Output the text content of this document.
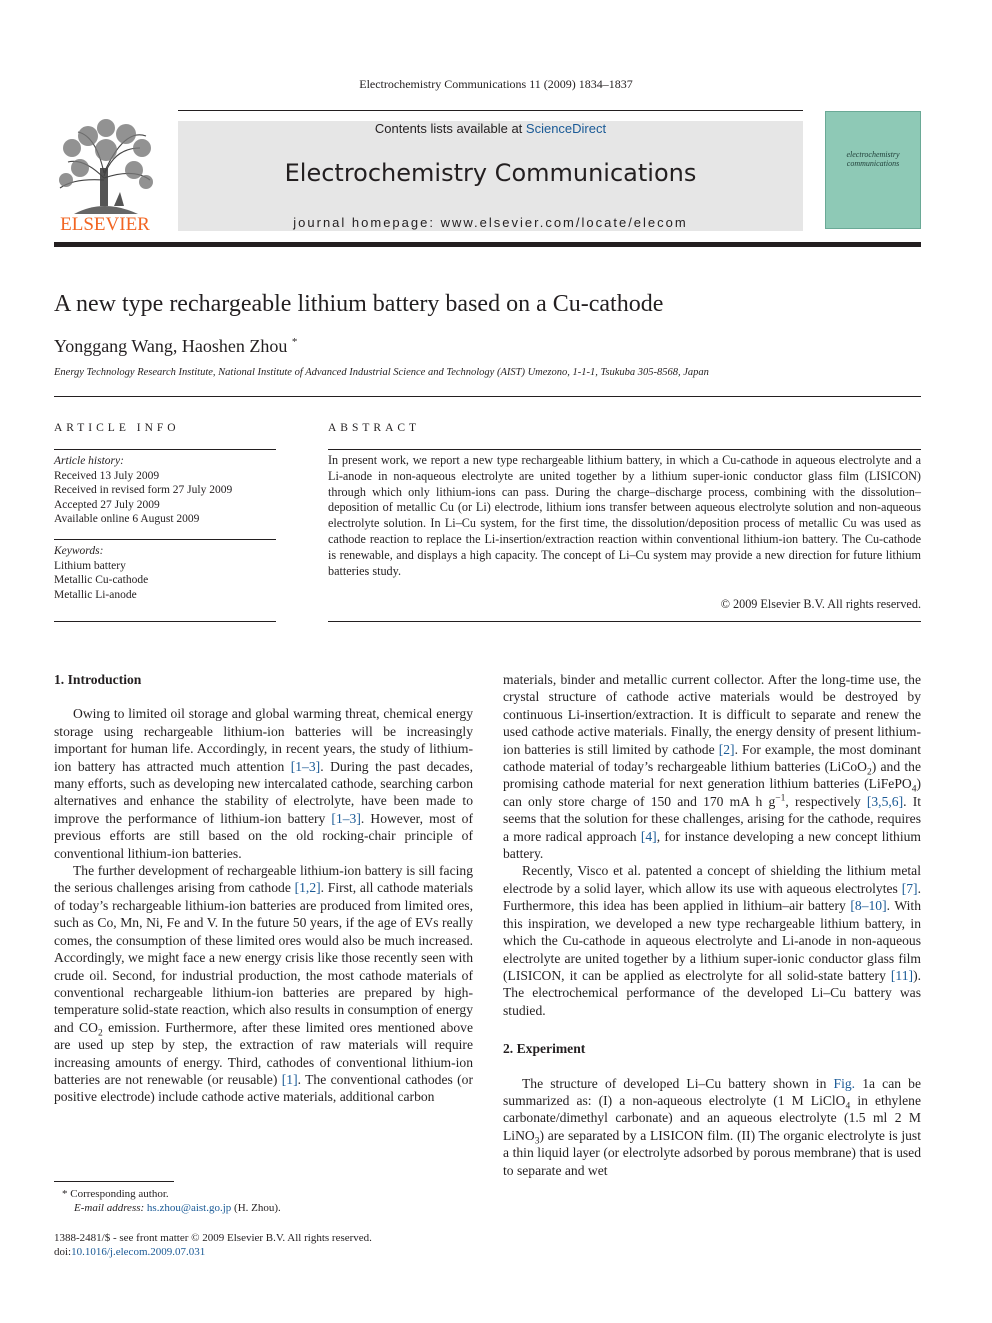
Electrochemistry Communications 11 (2009) 1834–1837
ELSEVIER
Contents lists available at ScienceDirect
Electrochemistry Communications
journal homepage: www.elsevier.com/locate/elecom
electrochemistry communications
A new type rechargeable lithium battery based on a Cu-cathode
Yonggang Wang, Haoshen Zhou *
Energy Technology Research Institute, National Institute of Advanced Industrial Science and Technology (AIST) Umezono, 1-1-1, Tsukuba 305-8568, Japan
ARTICLE INFO
Article history:
Received 13 July 2009
Received in revised form 27 July 2009
Accepted 27 July 2009
Available online 6 August 2009
Keywords:
Lithium battery
Metallic Cu-cathode
Metallic Li-anode
ABSTRACT
In present work, we report a new type rechargeable lithium battery, in which a Cu-cathode in aqueous electrolyte and a Li-anode in non-aqueous electrolyte are united together by a lithium super-ionic conductor glass film (LISICON) through which only lithium-ions can pass. During the charge–discharge process, combining with the dissolution–deposition of metallic Cu (or Li) electrode, lithium ions transfer between aqueous electrolyte solution and non-aqueous electrolyte solution. In Li–Cu system, for the first time, the dissolution/deposition process of metallic Cu was used as cathode reaction to replace the Li-insertion/extraction reaction within conventional lithium-ion battery. The Cu-cathode is renewable, and displays a high capacity. The concept of Li–Cu system may provide a new direction for future lithium batteries study.
© 2009 Elsevier B.V. All rights reserved.
1. Introduction

Owing to limited oil storage and global warming threat, chemical energy storage using rechargeable lithium-ion batteries will be increasingly important for human life. Accordingly, in recent years, the study of lithium-ion battery has attracted much attention [1–3]. During the past decades, many efforts, such as developing new intercalated cathode, searching carbon alternatives and enhance the stability of electrolyte, have been made to improve the performance of lithium-ion battery [1–3]. However, most of previous efforts are still based on the old rocking-chair principle of conventional lithium-ion batteries.

The further development of rechargeable lithium-ion battery is sill facing the serious challenges arising from cathode [1,2]. First, all cathode materials of today’s rechargeable lithium-ion batteries are produced from limited ores, such as Co, Mn, Ni, Fe and V. In the future 50 years, if the age of EVs really comes, the consumption of these limited ores would also be much increased. Accordingly, we might face a new energy crisis like those recently seen with crude oil. Second, for industrial production, the most cathode materials of conventional rechargeable lithium-ion batteries are prepared by high-temperature solid-state reaction, which also results in consumption of energy and $CO_2$ emission. Furthermore, after these limited ores mentioned above are used up step by step, the extraction of raw materials will require increasing amounts of energy. Third, cathodes of conventional lithium-ion batteries are not renewable (or reusable) [1]. The conventional cathodes (or positive electrode) include cathode active materials, additional carbon

materials, binder and metallic current collector. After the long-time use, the crystal structure of cathode active materials would be destroyed by continuous Li-insertion/extraction. It is difficult to separate and renew the used cathode active materials. Finally, the energy density of present lithium-ion batteries is still limited by cathode [2]. For example, the most dominant cathode material of today’s rechargeable lithium batteries (LiCoO$_2$) and the promising cathode material for next generation lithium batteries (LiFePO$_4$) can only store charge of 150 and 170 mA h $g^{-1}$, respectively [3,5,6]. It seems that the solution for these challenges, arising for the cathode, requires a more radical approach [4], for instance developing a new concept lithium battery.

Recently, Visco et al. patented a concept of shielding the lithium metal electrode by a solid layer, which allow its use with aqueous electrolytes [7]. Furthermore, this idea has been applied in lithium–air battery [8–10]. With this inspiration, we developed a new type rechargeable lithium battery, in which the Cu-cathode in aqueous electrolyte and Li-anode in non-aqueous electrolyte are united together by a lithium super-ionic conductor glass film (LISICON, it can be applied as electrolyte for all solid-state battery [11]). The electrochemical performance of the developed Li–Cu battery was studied.

2. Experiment

The structure of developed Li–Cu battery shown in Fig. 1a can be summarized as: (I) a non-aqueous electrolyte (1 M LiClO$_4$ in ethylene carbonate/dimethyl carbonate) and an aqueous electrolyte (1.5 ml 2 M LiNO$_3$) are separated by a LISICON film. (II) The organic electrolyte is just a thin liquid layer (or electrolyte adsorbed by porous membrane) that is used to separate and wet

* Corresponding author.
E-mail address: hs.zhou@aist.go.jp (H. Zhou).
1388-2481/$ - see front matter © 2009 Elsevier B.V. All rights reserved.
doi:10.1016/j.elecom.2009.07.031
